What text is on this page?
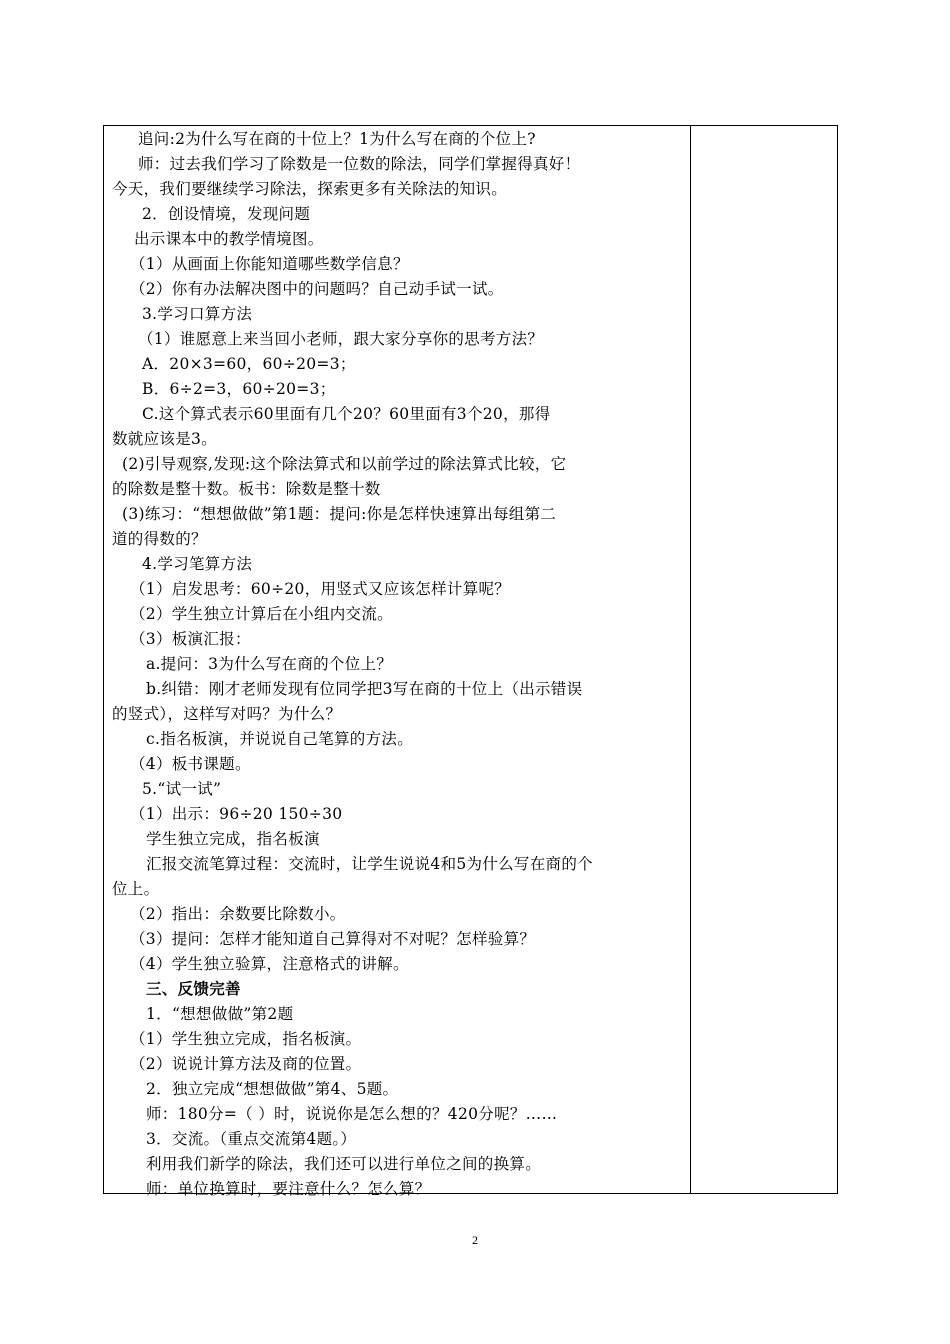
追问:2为什么写在商的十位上？1为什么写在商的个位上?
师：过去我们学习了除数是一位数的除法，同学们掌握得真好！
今天，我们要继续学习除法，探索更多有关除法的知识。
2．创设情境，发现问题
出示课本中的教学情境图。
（1）从画面上你能知道哪些数学信息？
（2）你有办法解决图中的问题吗？自己动手试一试。
3.学习口算方法
（1）谁愿意上来当回小老师，跟大家分享你的思考方法？
A．20×3=60，60÷20=3；
B．6÷2=3，60÷20=3；
C.这个算式表示60里面有几个20？60里面有3个20，那得
数就应该是3。
(2)引导观察,发现:这个除法算式和以前学过的除法算式比较，它
的除数是整十数。板书：除数是整十数
(3)练习：“想想做做”第1题：提问:你是怎样快速算出每组第二
道的得数的？
4.学习笔算方法
（1）启发思考：60÷20，用竖式又应该怎样计算呢？
（2）学生独立计算后在小组内交流。
（3）板演汇报：
a.提问：3为什么写在商的个位上？
b.纠错：刚才老师发现有位同学把3写在商的十位上（出示错误
的竖式），这样写对吗？为什么？
c.指名板演，并说说自己笔算的方法。
（4）板书课题。
5.“试一试”
（1）出示：96÷20 150÷30
学生独立完成，指名板演
汇报交流笔算过程：交流时，让学生说说4和5为什么写在商的个
位上。
（2）指出：余数要比除数小。
（3）提问：怎样才能知道自己算得对不对呢？怎样验算？
（4）学生独立验算，注意格式的讲解。
三、反馈完善
1．“想想做做”第2题
（1）学生独立完成，指名板演。
（2）说说计算方法及商的位置。
2．独立完成“想想做做”第4、5题。
师：180分=（ ）时，说说你是怎么想的？420分呢？……
3．交流。（重点交流第4题。）
利用我们新学的除法，我们还可以进行单位之间的换算。
师：单位换算时，要注意什么？怎么算？
2
